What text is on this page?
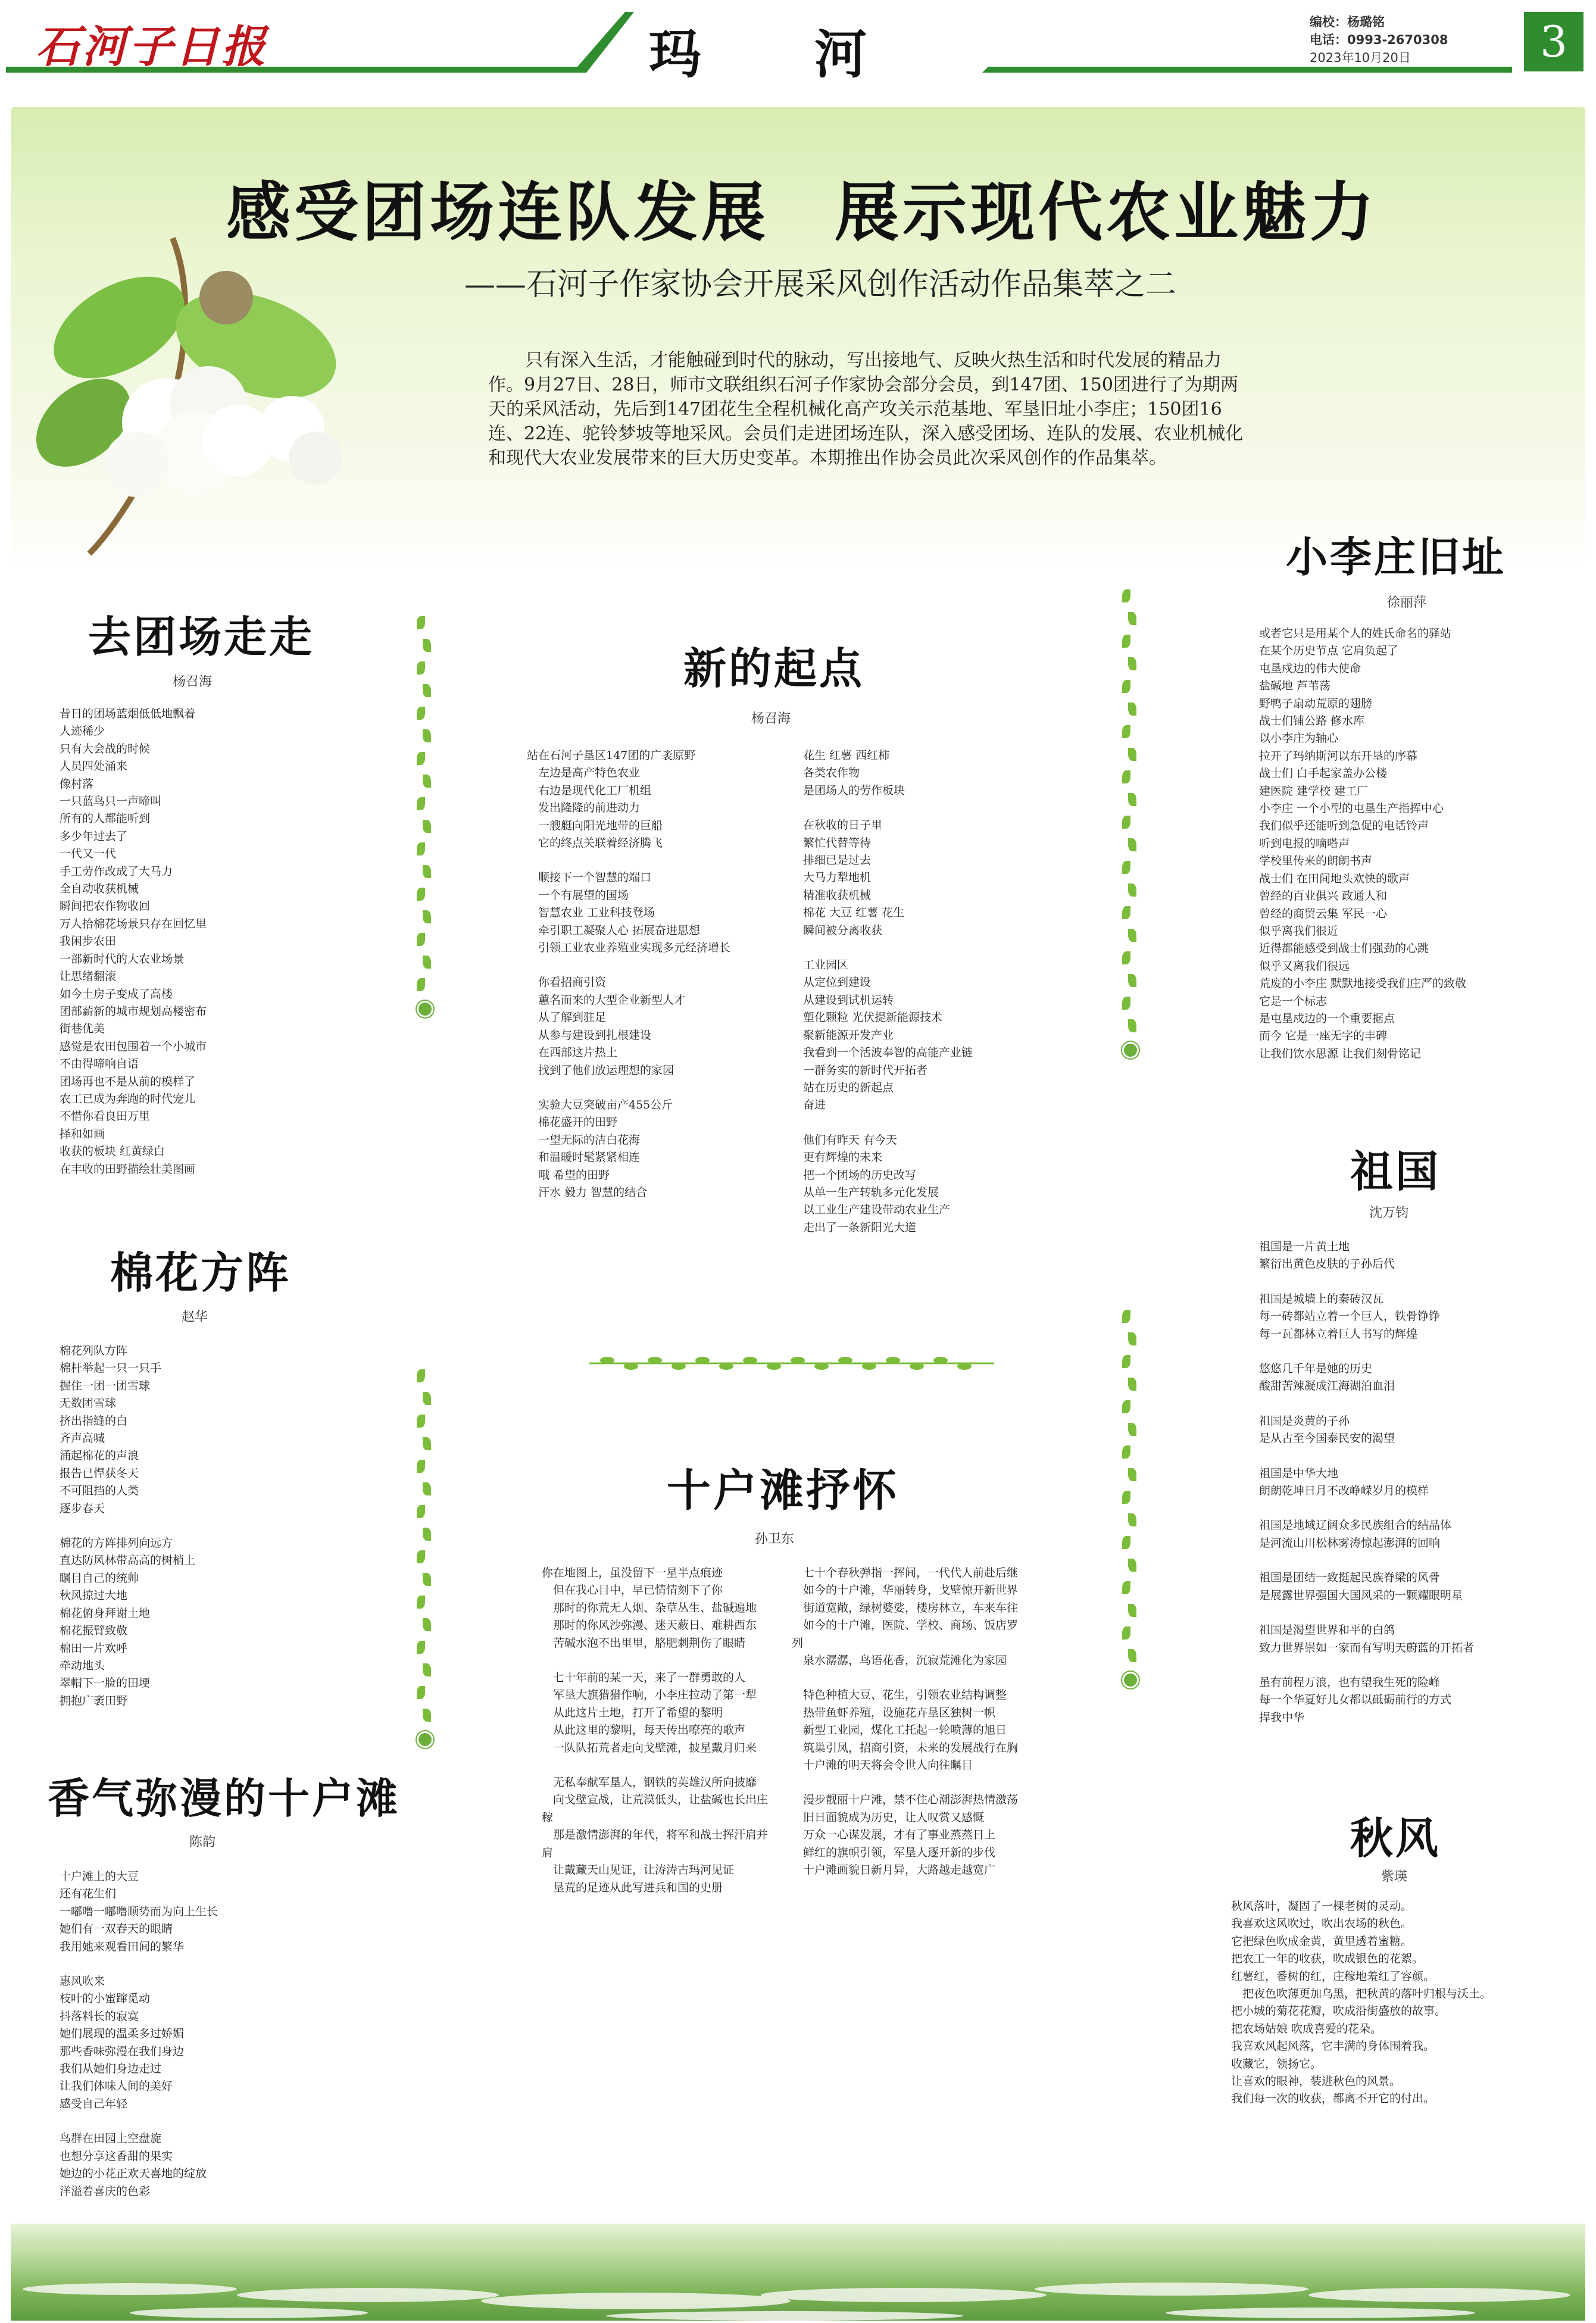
石河子日报	玛河
编校：杨璐铭
电话：0993-2670308
2023年10月20日	3
感受团场连队发展 展示现代农业魅力
——石河子作家协会开展采风创作活动作品集萃之二
只有深入生活，才能触碰到时代的脉动，写出接地气、反映火热生活和时代发展的精品力作。9月27日、28日，师市文联组织石河子作家协会部分会员，到147团、150团进行了为期两天的采风活动，先后到147团花生全程机械化高产攻关示范基地、军垦旧址小李庄；150团16连、22连、驼铃梦坡等地采风。会员们走进团场连队，深入感受团场、连队的发展、农业机械化和现代大农业发展带来的巨大历史变革。本期推出作协会员此次采风创作的作品集萃。
去团场走走
杨召海
昔日的团场蓝烟低低地飘着
人迹稀少
只有大会战的时候
人员四处涌来
像村落
一只蓝鸟只一声啼叫
所有的人都能听到
多少年过去了
一代又一代
手工劳作改成了大马力
全自动收获机械
瞬间把农作物收回
万人拾棉花场景只存在回忆里
我闲步农田
一部新时代的大农业场景
让思绪翻滚
如今土房子变成了高楼
团部薪新的城市规划高楼密布
街巷优美
感觉是农田包围着一个小城市
不由得啼响自语
团场再也不是从前的模样了
农工已成为奔跑的时代宠儿
不惜你看良田万里
择和如画
收获的板块 红黄绿白
在丰收的田野描绘壮美图画
棉花方阵
赵华
棉花列队方阵
棉杆举起一只一只手
握住一团一团雪球
无数团雪球
挤出指缝的白
齐声高喊
涌起棉花的声浪
报告已悍获冬天
不可阻挡的人类
逐步春天
棉花的方阵排列向远方
直达防风林带高高的树梢上
瞩目自己的统帅
秋风掠过大地
棉花俯身拜谢土地
棉花振臂致敬
棉田一片欢呼
牵动地头
翠帽下一脸的田埂
拥抱广袤田野
香气弥漫的十户滩
陈韵
十户滩上的大豆
还有花生们
一嘟噜一嘟噜顺势而为向上生长
她们有一双春天的眼睛
我用她来观看田间的繁华
惠风吹来
枝叶的小蜜蹿觅动
抖落料长的寂寞
她们展现的温柔多过娇媚
那些香味弥漫在我们身边
我们从她们身边走过
让我们体味人间的美好
感受自己年轻
鸟群在田园上空盘旋
也想分享这香甜的果实
她边的小花正欢天喜地的绽放
洋溢着喜庆的色彩
新的起点
杨召海
站在石河子垦区147团的广袤原野
　左边是高产特色农业
　右边是现代化工厂机组
　发出隆隆的前进动力
　一艘艇向阳光地带的巨船
　它的终点关联着经济腾飞
　顺接下一个智慧的端口
　一个有展望的国场
　智慧农业 工业科技登场
　牵引职工凝聚人心 拓展奋进思想
　引领工业农业养殖业实现多元经济增长
　你看招商引资
　蕙名而来的大型企业新型人才
　从了解到驻足
　从参与建设到扎根建设
　在西部这片热土
　找到了他们放运理想的家园
　实验大豆突破亩产455公斤
　棉花盛开的田野
　一望无际的洁白花海
　和温暖时髦紧紧相连
　哦 希望的田野
　汗水 毅力 智慧的结合
　花生 红薯 西红柿
　各类农作物
　是团场人的劳作板块
　在秋收的日子里
　繁忙代替等待
　排细已是过去
　大马力犁地机
　精准收获机械
　棉花 大豆 红薯 花生
　瞬间被分离收获
　工业园区
　从定位到建设
　从建设到试机运转
　塑化颗粒 光伏提新能源技术
　聚新能源开发产业
　我看到一个活波奉智的高能产业链
　一群务实的新时代开拓者
　站在历史的新起点
　奋进
　他们有昨天 有今天
　更有辉煌的未来
　把一个团场的历史改写
　从单一生产转轨多元化发展
　以工业生产建设带动农业生产
　走出了一条新阳光大道
十户滩抒怀
孙卫东
你在地图上，虽没留下一星半点痕迹
　但在我心目中，早已情情刻下了你
　那时的你荒无人烟、杂草丛生、盐碱遍地
　那时的你风沙弥漫、迷天蔽日、难耕西东
　苦碱水泡不出里里，胳肥刺荆伤了眼睛
　七十年前的某一天，来了一群勇敢的人
　军垦大旗猎猎作响，小李庄拉动了第一犁
　从此这片土地，打开了希望的黎明
　从此这里的黎明，每天传出嘹亮的歌声
　一队队拓荒者走向戈壁滩，披星戴月归来
　无私奉献军垦人，钢铁的英雄汉所向披靡
　向戈壁宣战，让荒漠低头，让盐碱也长出庄稼
　那是激情澎湃的年代，将军和战士挥汗肩并肩
　让戴藏天山见证，让涛涛古玛河见证
　垦荒的足迹从此写进兵和国的史册
　七十个春秋弹指一挥间，一代代人前赴后继
　如今的十户滩，华丽转身，戈壁惊开新世界
　街道宽敞，绿树婆娑，楼房林立，车来车往
　如今的十户滩，医院、学校、商场、饭店罗列
　泉水潺潺，鸟语花香，沉寂荒滩化为家园
　特色种植大豆、花生，引领农业结构调整
　热带鱼虾养殖，设施花卉垦区独树一帜
　新型工业园，煤化工托起一轮喷薄的旭日
　筑巢引凤，招商引资，未来的发展战行在胸
　十户滩的明天将会令世人向往瞩目
　漫步靓丽十户滩，禁不住心潮澎湃热情激荡
　旧日面貌成为历史，让人叹赏又感慨
　万众一心谋发展，才有了事业蒸蒸日上
　鲜红的旗帜引领，军垦人逐开新的步伐
　十户滩画貌日新月异，大路越走越宽广
小李庄旧址
徐丽萍
或者它只是用某个人的姓氏命名的驿站
在某个历史节点 它肩负起了
屯垦戍边的伟大使命
盐碱地 芦苇荡
野鸭子扇动荒原的翅膀
战士们铺公路 修水库
以小李庄为轴心
拉开了玛纳斯河以东开垦的序幕
战士们 白手起家盖办公楼
建医院 建学校 建工厂
小李庄 一个小型的屯垦生产指挥中心
我们似乎还能听到急促的电话铃声
听到电报的嘀嗒声
学校里传来的朗朗书声
战士们 在田间地头欢快的歌声
曾经的百业俱兴 政通人和
曾经的商贸云集 军民一心
似乎离我们很近
近得都能感受到战士们强劲的心跳
似乎又离我们很远
荒废的小李庄 默默地接受我们庄严的致敬
它是一个标志
是屯垦戍边的一个重要据点
而今 它是一座无字的丰碑
让我们饮水思源 让我们刻骨铭记
祖国
沈万钧
祖国是一片黄土地
繁衍出黄色皮肤的子孙后代
祖国是城墙上的秦砖汉瓦
每一砖都站立着一个巨人，铁骨铮铮
每一瓦都林立着巨人书写的辉煌
悠悠几千年是她的历史
酸甜苦辣凝成江海湖泊血泪
祖国是炎黄的子孙
是从古至今国泰民安的渴望
祖国是中华大地
朗朗乾坤日月不改峥嵘岁月的模样
祖国是地域辽阔众多民族组合的结晶体
是河流山川松林雾涛惊起澎湃的回响
祖国是团结一致挺起民族脊梁的风骨
是展露世界强国大国风采的一颗耀眼明星
祖国是渴望世界和平的白鸽
致力世界崇如一家而有写明天蔚蓝的开拓者
虽有前程万浪，也有望我生死的险峰
每一个华夏好儿女都以砥砺前行的方式
捍我中华
秋风
紫瑛
秋风落叶，凝固了一棵老树的灵动。
我喜欢这风吹过，吹出农场的秋色。
它把绿色吹成金黄，黄里透着蜜糖。
把农工一年的收获，吹成银色的花絮。
红薯红，番树的红，庄稼地羞红了容颜。
　把夜色吹薄更加乌黑，把秋黄的落叶归根与沃土。
把小城的菊花花瓣，吹成沿街盛放的故事。
把农场姑娘 吹成喜爱的花朵。
我喜欢风起风落，它丰满的身体围着我。
收藏它，领扬它。
让喜欢的眼神，装进秋色的风景。
我们每一次的收获，都离不开它的付出。
